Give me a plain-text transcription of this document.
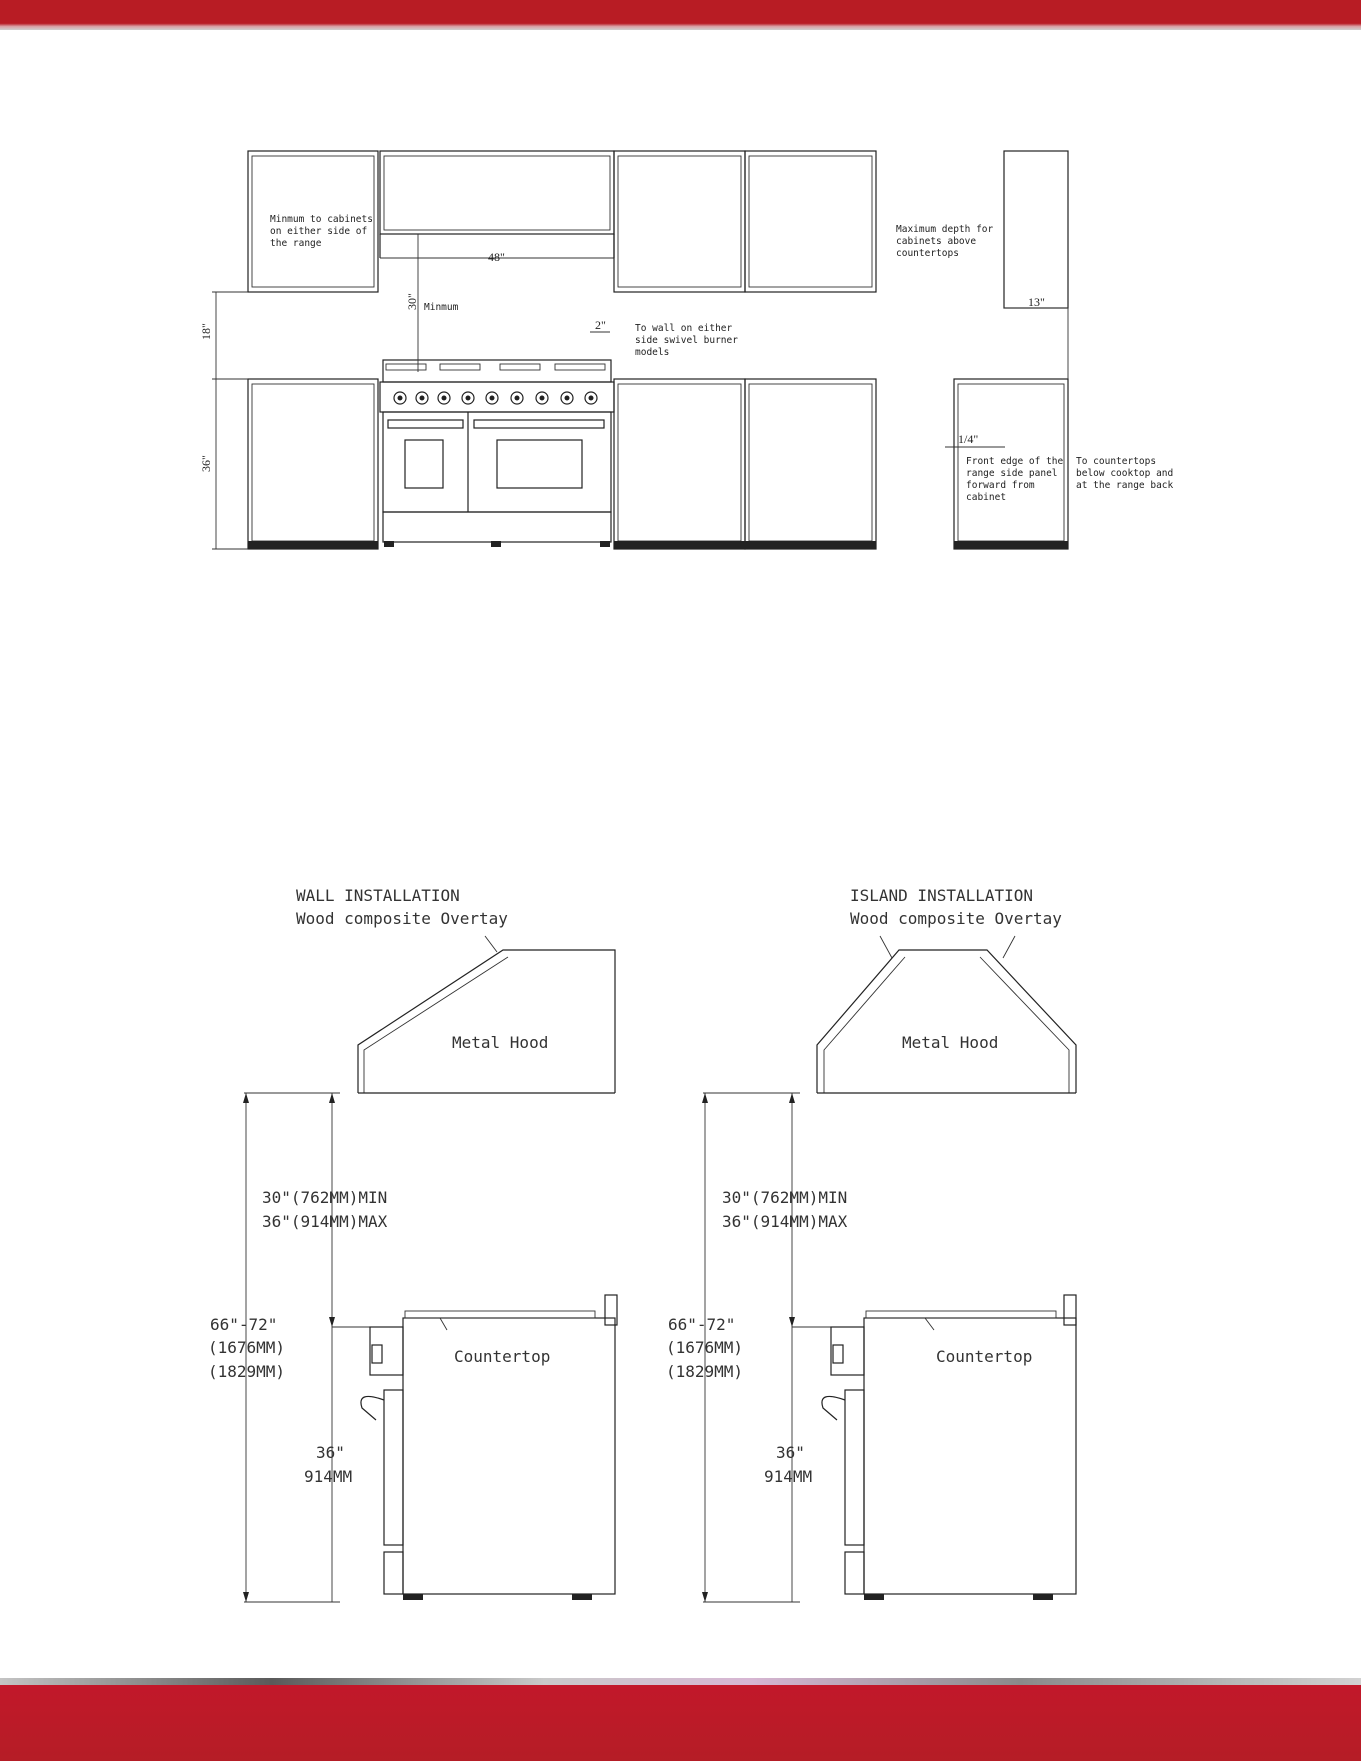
Minmum to cabinets on either side of the range
48"
30" Minmum
18"
36"
2"	To wall on either side swivel burner models
Maximum depth for cabinets above countertops
13"
1/4"
Front edge of the range side panel forward from cabinet
To countertops below cooktop and at the range back
WALL INSTALLATION
Wood composite Overtay
Metal Hood
30"(762MM)MIN
36"(914MM)MAX
66"-72" (1676MM) (1829MM)
36" 914MM
Countertop
ISLAND INSTALLATION
Wood composite Overtay
Metal Hood
30"(762MM)MIN
36"(914MM)MAX
66"-72" (1676MM) (1829MM)
36" 914MM
Countertop
